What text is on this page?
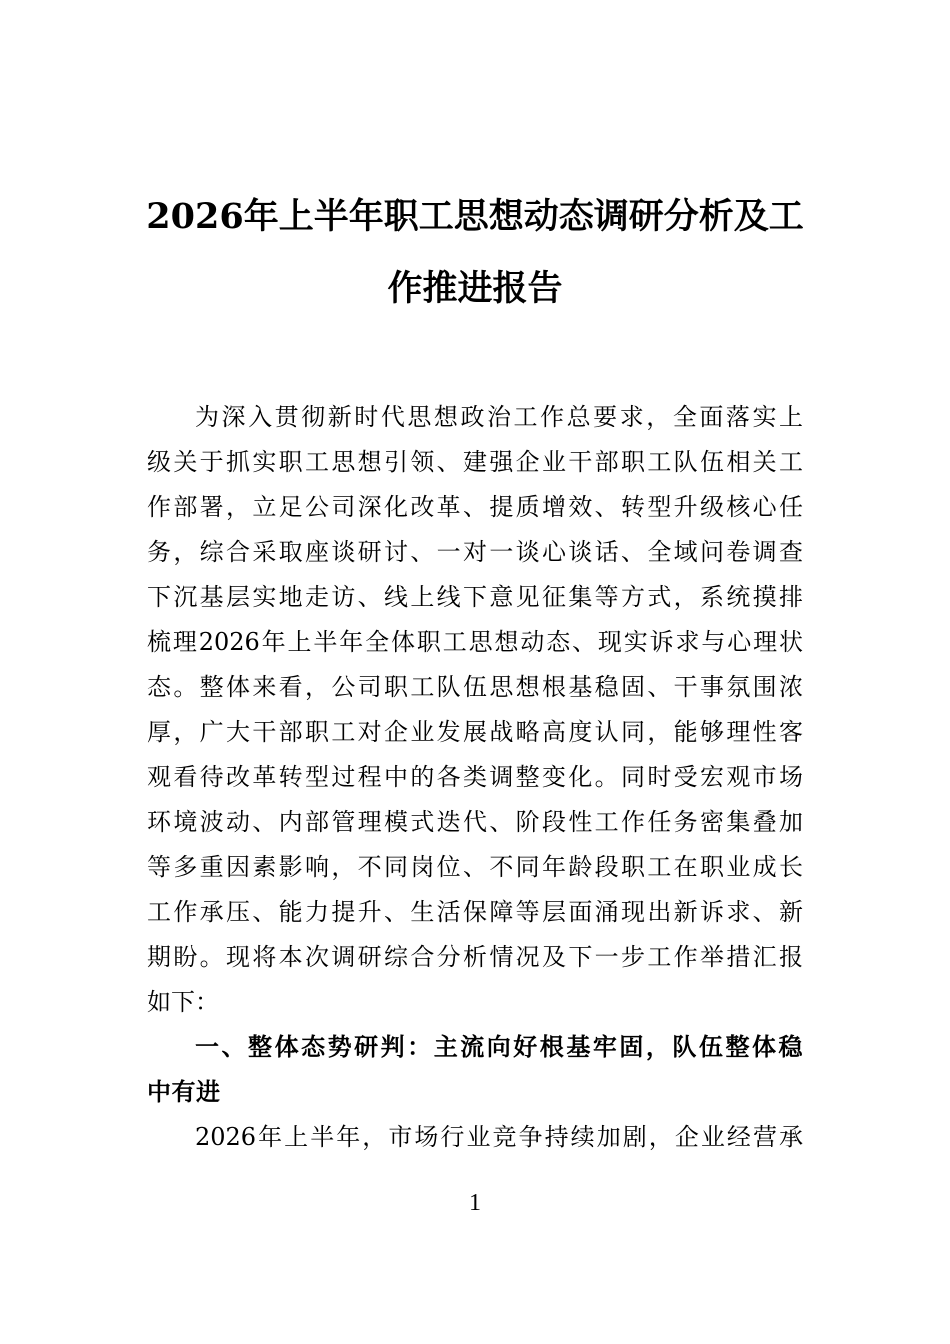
2026年上半年职工思想动态调研分析及工
作推进报告
为深入贯彻新时代思想政治工作总要求，全面落实上
级关于抓实职工思想引领、建强企业干部职工队伍相关工
作部署，立足公司深化改革、提质增效、转型升级核心任
务，综合采取座谈研讨、一对一谈心谈话、全域问卷调查
下沉基层实地走访、线上线下意见征集等方式，系统摸排
梳理2026年上半年全体职工思想动态、现实诉求与心理状
态。整体来看，公司职工队伍思想根基稳固、干事氛围浓
厚，广大干部职工对企业发展战略高度认同，能够理性客
观看待改革转型过程中的各类调整变化。同时受宏观市场
环境波动、内部管理模式迭代、阶段性工作任务密集叠加
等多重因素影响，不同岗位、不同年龄段职工在职业成长
工作承压、能力提升、生活保障等层面涌现出新诉求、新
期盼。现将本次调研综合分析情况及下一步工作举措汇报
如下：
一、整体态势研判：主流向好根基牢固，队伍整体稳
中有进
2026年上半年，市场行业竞争持续加剧，企业经营承
1
